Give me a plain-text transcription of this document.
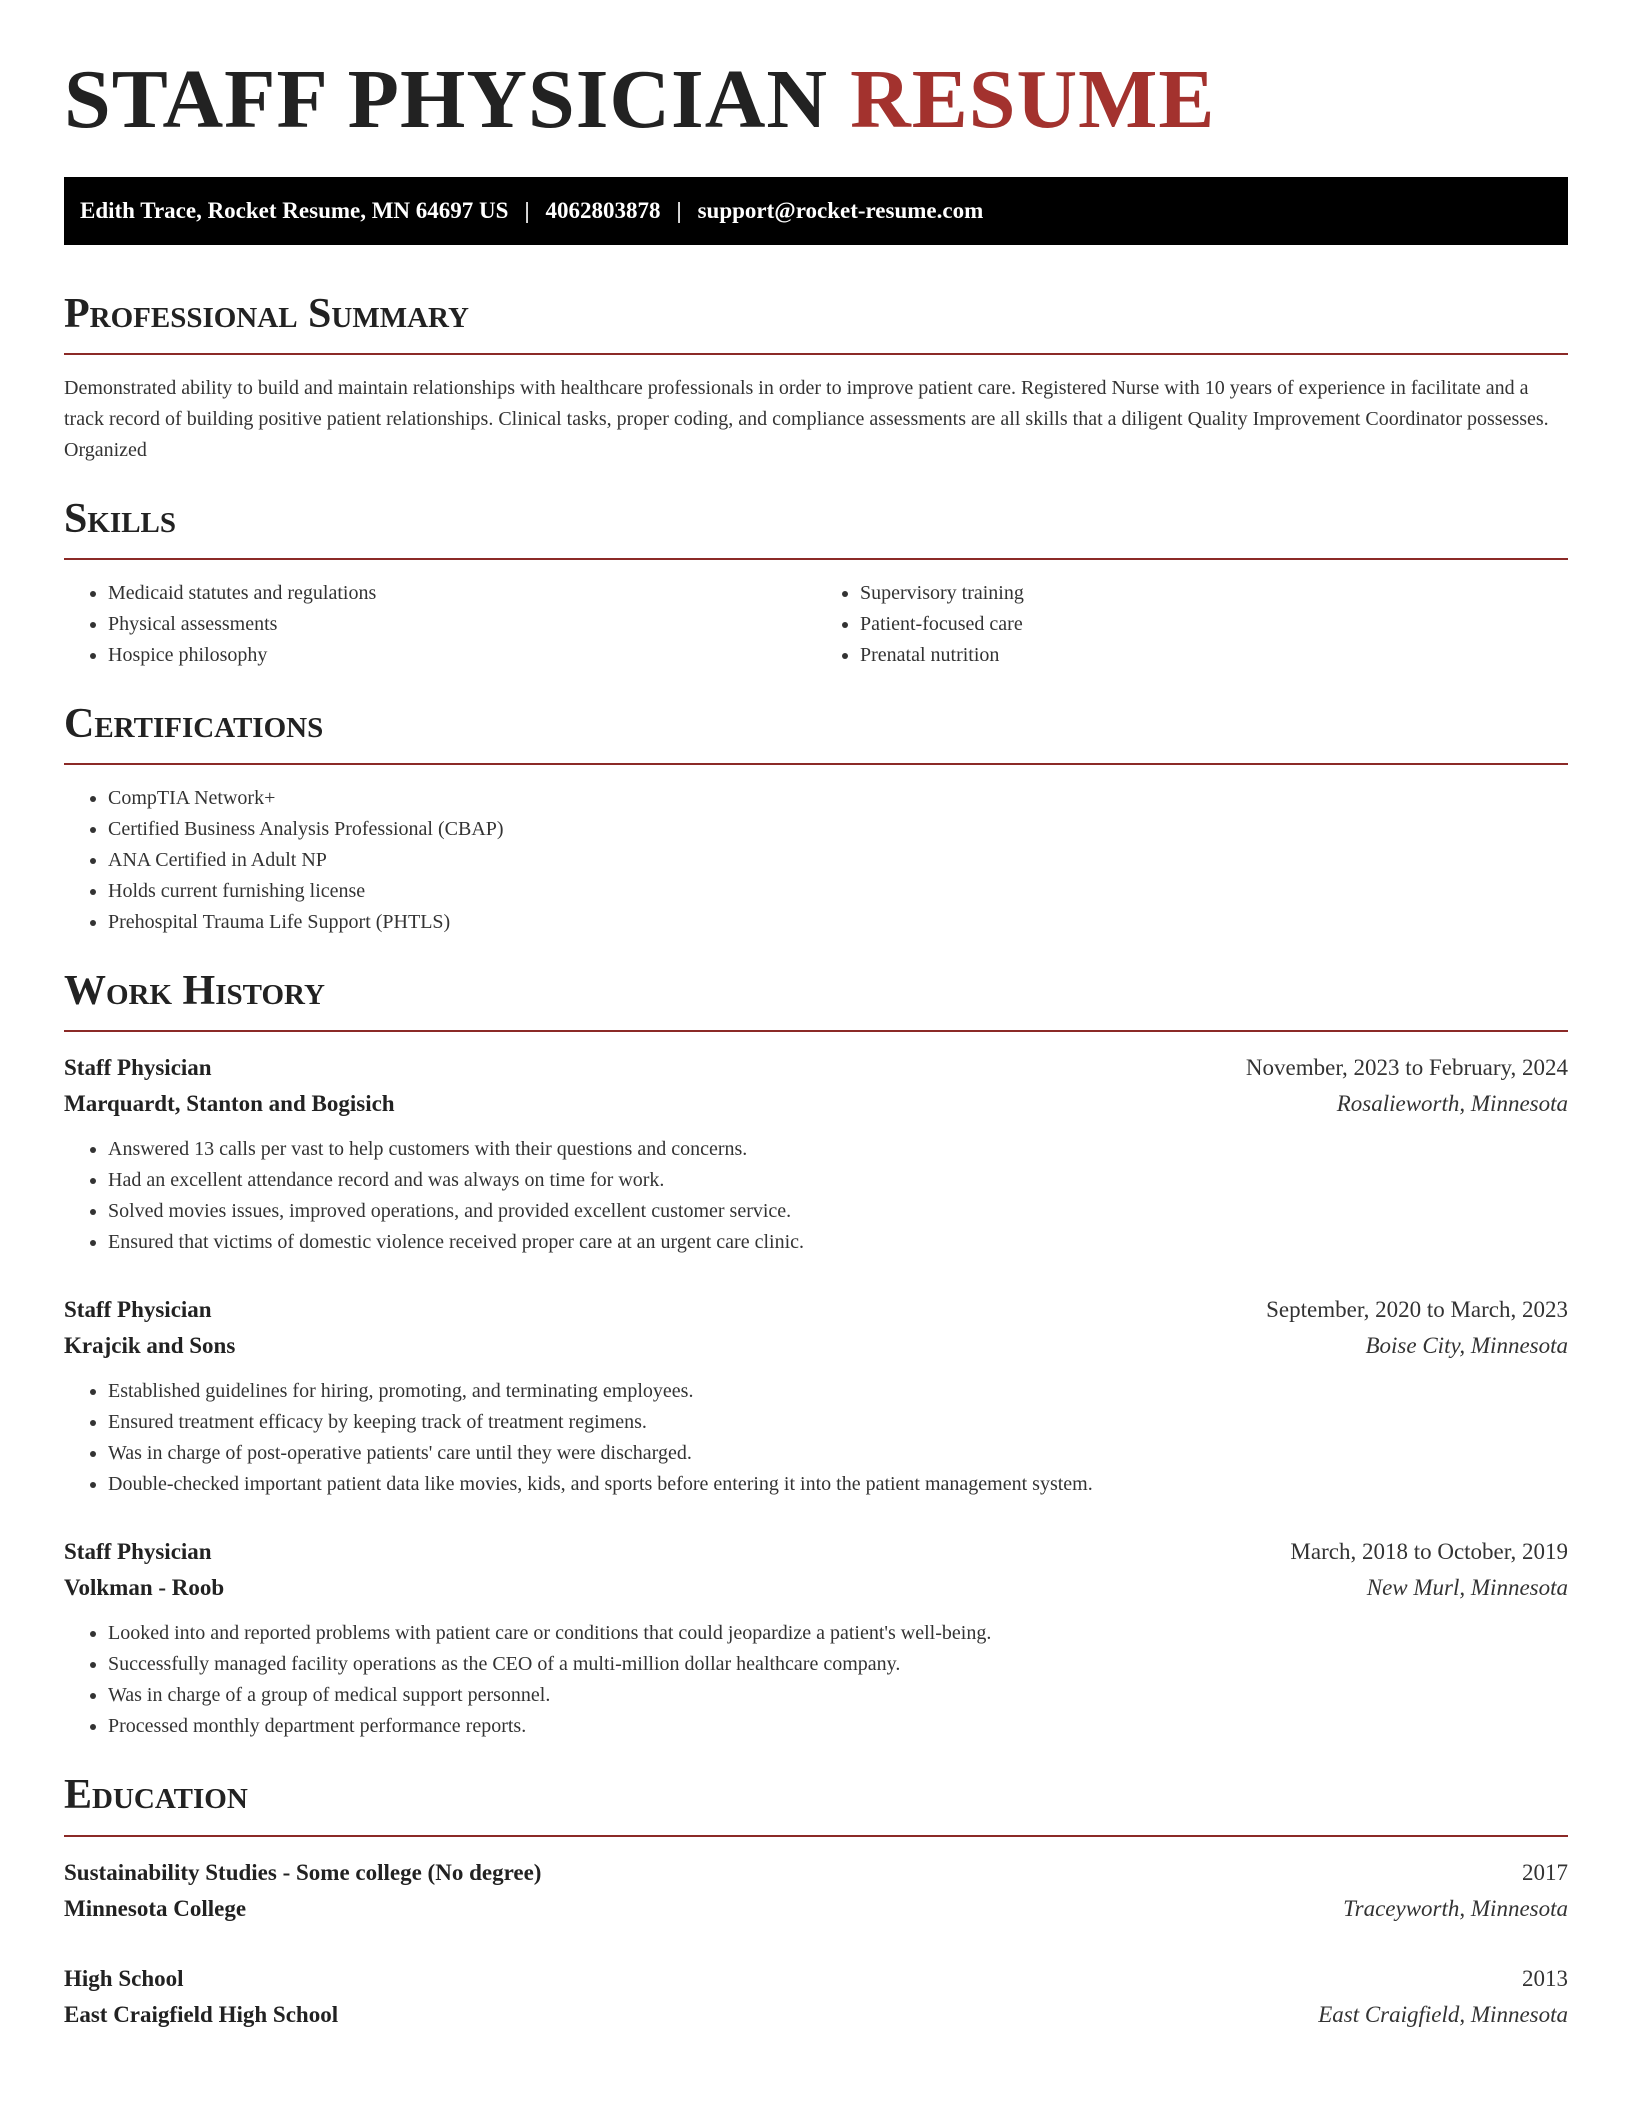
STAFF PHYSICIAN RESUME
Edith Trace, Rocket Resume, MN 64697 US | 4062803878 | support@rocket-resume.com
Professional Summary

Demonstrated ability to build and maintain relationships with healthcare professionals in order to improve patient care. Registered Nurse with 10 years of experience in facilitate and a track record of building positive patient relationships. Clinical tasks, proper coding, and compliance assessments are all skills that a diligent Quality Improvement Coordinator possesses. Organized

Skills
• Medicaid statutes and regulations
• Physical assessments
• Hospice philosophy
• Supervisory training
• Patient-focused care
• Prenatal nutrition
Certifications
• CompTIA Network+
• Certified Business Analysis Professional (CBAP)
• ANA Certified in Adult NP
• Holds current furnishing license
• Prehospital Trauma Life Support (PHTLS)
Work History
Staff Physician	November, 2023 to February, 2024
Marquardt, Stanton and Bogisich	Rosalieworth, Minnesota
• Answered 13 calls per vast to help customers with their questions and concerns.
• Had an excellent attendance record and was always on time for work.
• Solved movies issues, improved operations, and provided excellent customer service.
• Ensured that victims of domestic violence received proper care at an urgent care clinic.
Staff Physician	September, 2020 to March, 2023
Krajcik and Sons	Boise City, Minnesota
• Established guidelines for hiring, promoting, and terminating employees.
• Ensured treatment efficacy by keeping track of treatment regimens.
• Was in charge of post-operative patients' care until they were discharged.
• Double-checked important patient data like movies, kids, and sports before entering it into the patient management system.
Staff Physician	March, 2018 to October, 2019
Volkman - Roob	New Murl, Minnesota
• Looked into and reported problems with patient care or conditions that could jeopardize a patient's well-being.
• Successfully managed facility operations as the CEO of a multi-million dollar healthcare company.
• Was in charge of a group of medical support personnel.
• Processed monthly department performance reports.
Education
Sustainability Studies - Some college (No degree)	2017
Minnesota College	Traceyworth, Minnesota
High School	2013
East Craigfield High School	East Craigfield, Minnesota
